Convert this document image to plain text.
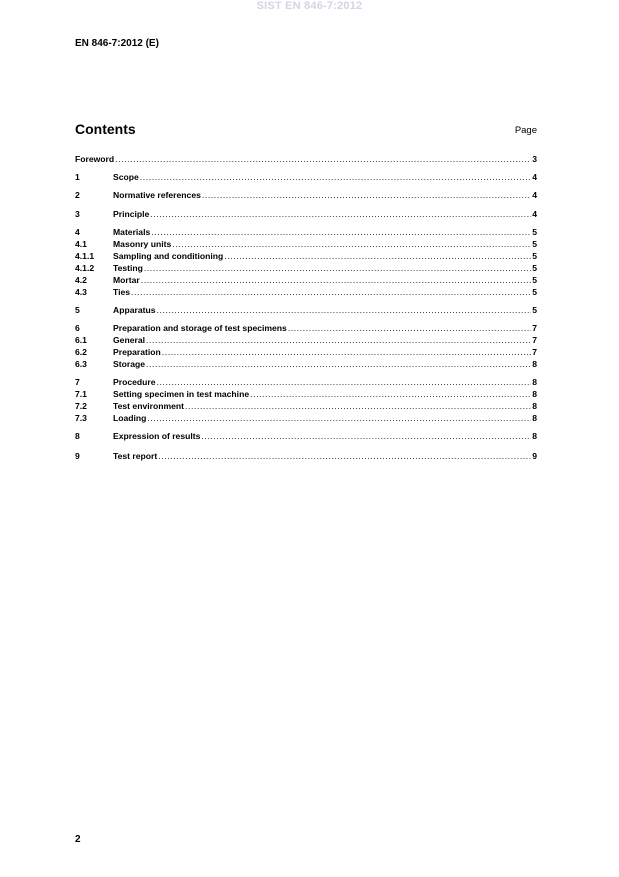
SIST EN 846-7:2012
EN 846-7:2012 (E)
Contents	Page
Foreword .....	3
1	Scope .....	4
2	Normative references .....	4
3	Principle .....	4
4	Materials .....	5
4.1	Masonry units .....	5
4.1.1	Sampling and conditioning .....	5
4.1.2	Testing .....	5
4.2	Mortar .....	5
4.3	Ties .....	5
5	Apparatus .....	5
6	Preparation and storage of test specimens .....	7
6.1	General .....	7
6.2	Preparation .....	7
6.3	Storage .....	8
7	Procedure .....	8
7.1	Setting specimen in test machine .....	8
7.2	Test environment .....	8
7.3	Loading .....	8
8	Expression of results .....	8
9	Test report .....	9
2
